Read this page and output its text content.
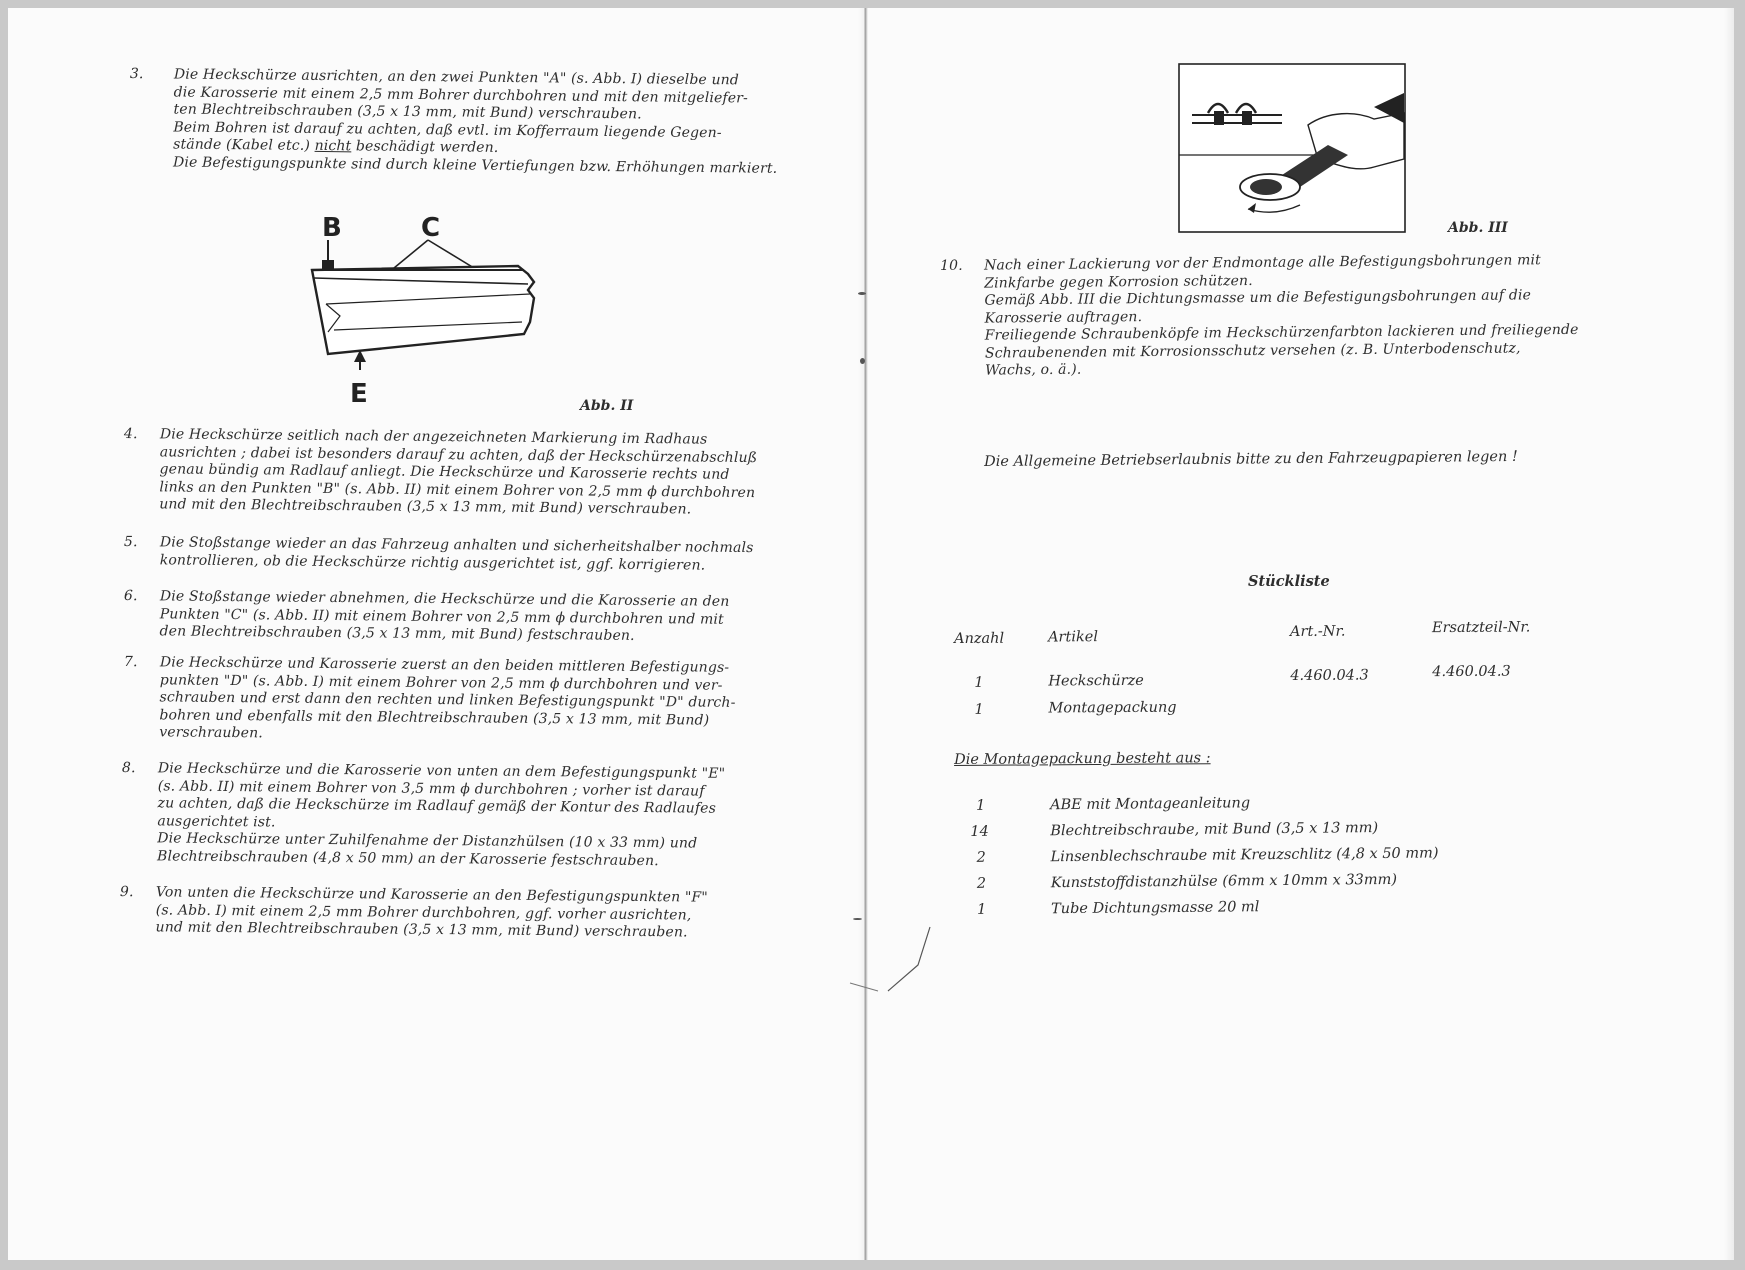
3. Die Heckschürze ausrichten, an den zwei Punkten "A" (s. Abb. I) dieselbe und
die Karosserie mit einem 2,5 mm Bohrer durchbohren und mit den mitgeliefer-
ten Blechtreibschrauben (3,5 x 13 mm, mit Bund) verschrauben.
Beim Bohren ist darauf zu achten, daß evtl. im Kofferraum liegende Gegen-
stände (Kabel etc.) nicht beschädigt werden.
Die Befestigungspunkte sind durch kleine Vertiefungen bzw. Erhöhungen markiert.
B	C
E	Abb. II
4. Die Heckschürze seitlich nach der angezeichneten Markierung im Radhaus
ausrichten ; dabei ist besonders darauf zu achten, daß der Heckschürzenabschluß
genau bündig am Radlauf anliegt. Die Heckschürze und Karosserie rechts und
links an den Punkten "B" (s. Abb. II) mit einem Bohrer von 2,5 mm ϕ durchbohren
und mit den Blechtreibschrauben (3,5 x 13 mm, mit Bund) verschrauben.
5. Die Stoßstange wieder an das Fahrzeug anhalten und sicherheitshalber nochmals
kontrollieren, ob die Heckschürze richtig ausgerichtet ist, ggf. korrigieren.
6. Die Stoßstange wieder abnehmen, die Heckschürze und die Karosserie an den
Punkten "C" (s. Abb. II) mit einem Bohrer von 2,5 mm ϕ durchbohren und mit
den Blechtreibschrauben (3,5 x 13 mm, mit Bund) festschrauben.
7. Die Heckschürze und Karosserie zuerst an den beiden mittleren Befestigungs-
punkten "D" (s. Abb. I) mit einem Bohrer von 2,5 mm ϕ durchbohren und ver-
schrauben und erst dann den rechten und linken Befestigungspunkt "D" durch-
bohren und ebenfalls mit den Blechtreibschrauben (3,5 x 13 mm, mit Bund)
verschrauben.
8. Die Heckschürze und die Karosserie von unten an dem Befestigungspunkt "E"
(s. Abb. II) mit einem Bohrer von 3,5 mm ϕ durchbohren ; vorher ist darauf
zu achten, daß die Heckschürze im Radlauf gemäß der Kontur des Radlaufes
ausgerichtet ist.
Die Heckschürze unter Zuhilfenahme der Distanzhülsen (10 x 33 mm) und
Blechtreibschrauben (4,8 x 50 mm) an der Karosserie festschrauben.
9. Von unten die Heckschürze und Karosserie an den Befestigungspunkten "F"
(s. Abb. I) mit einem 2,5 mm Bohrer durchbohren, ggf. vorher ausrichten,
und mit den Blechtreibschrauben (3,5 x 13 mm, mit Bund) verschrauben.
Abb. III
10. Nach einer Lackierung vor der Endmontage alle Befestigungsbohrungen mit
Zinkfarbe gegen Korrosion schützen.
Gemäß Abb. III die Dichtungsmasse um die Befestigungsbohrungen auf die
Karosserie auftragen.
Freiliegende Schraubenköpfe im Heckschürzenfarbton lackieren und freiliegende
Schraubenenden mit Korrosionsschutz versehen (z. B. Unterbodenschutz,
Wachs, o. ä.).
Die Allgemeine Betriebserlaubnis bitte zu den Fahrzeugpapieren legen !
Stückliste
Anzahl	Artikel	Art.-Nr.	Ersatzteil-Nr.
1	Heckschürze	4.460.04.3	4.460.04.3
1	Montagepackung
Die Montagepackung besteht aus :
1	ABE mit Montageanleitung
14	Blechtreibschraube, mit Bund (3,5 x 13 mm)
2	Linsenblechschraube mit Kreuzschlitz (4,8 x 50 mm)
2	Kunststoffdistanzhülse (6mm x 10mm x 33mm)
1	Tube Dichtungsmasse 20 ml
